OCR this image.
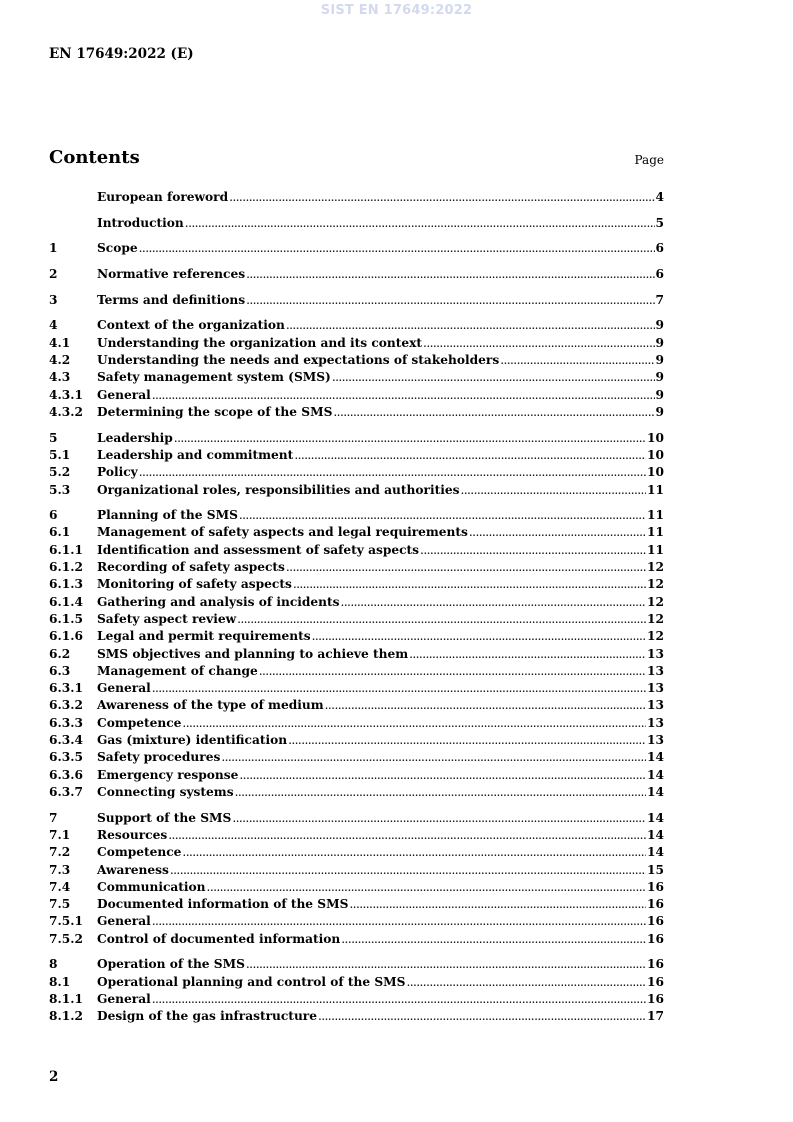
SIST EN 17649:2022
EN 17649:2022 (E)
Contents	Page
European foreword .....	4
Introduction .....	5
1	Scope .....	6
2	Normative references .....	6
3	Terms and definitions .....	7
4	Context of the organization .....	9
4.1	Understanding the organization and its context .....	9
4.2	Understanding the needs and expectations of stakeholders .....	9
4.3	Safety management system (SMS) .....	9
4.3.1	General .....	9
4.3.2	Determining the scope of the SMS .....	9
5	Leadership .....	10
5.1	Leadership and commitment .....	10
5.2	Policy .....	10
5.3	Organizational roles, responsibilities and authorities .....	11
6	Planning of the SMS .....	11
6.1	Management of safety aspects and legal requirements .....	11
6.1.1	Identification and assessment of safety aspects .....	11
6.1.2	Recording of safety aspects .....	12
6.1.3	Monitoring of safety aspects .....	12
6.1.4	Gathering and analysis of incidents .....	12
6.1.5	Safety aspect review .....	12
6.1.6	Legal and permit requirements .....	12
6.2	SMS objectives and planning to achieve them .....	13
6.3	Management of change .....	13
6.3.1	General .....	13
6.3.2	Awareness of the type of medium .....	13
6.3.3	Competence .....	13
6.3.4	Gas (mixture) identification .....	13
6.3.5	Safety procedures .....	14
6.3.6	Emergency response .....	14
6.3.7	Connecting systems .....	14
7	Support of the SMS .....	14
7.1	Resources .....	14
7.2	Competence .....	14
7.3	Awareness .....	15
7.4	Communication .....	16
7.5	Documented information of the SMS .....	16
7.5.1	General .....	16
7.5.2	Control of documented information .....	16
8	Operation of the SMS .....	16
8.1	Operational planning and control of the SMS .....	16
8.1.1	General .....	16
8.1.2	Design of the gas infrastructure .....	17
2
